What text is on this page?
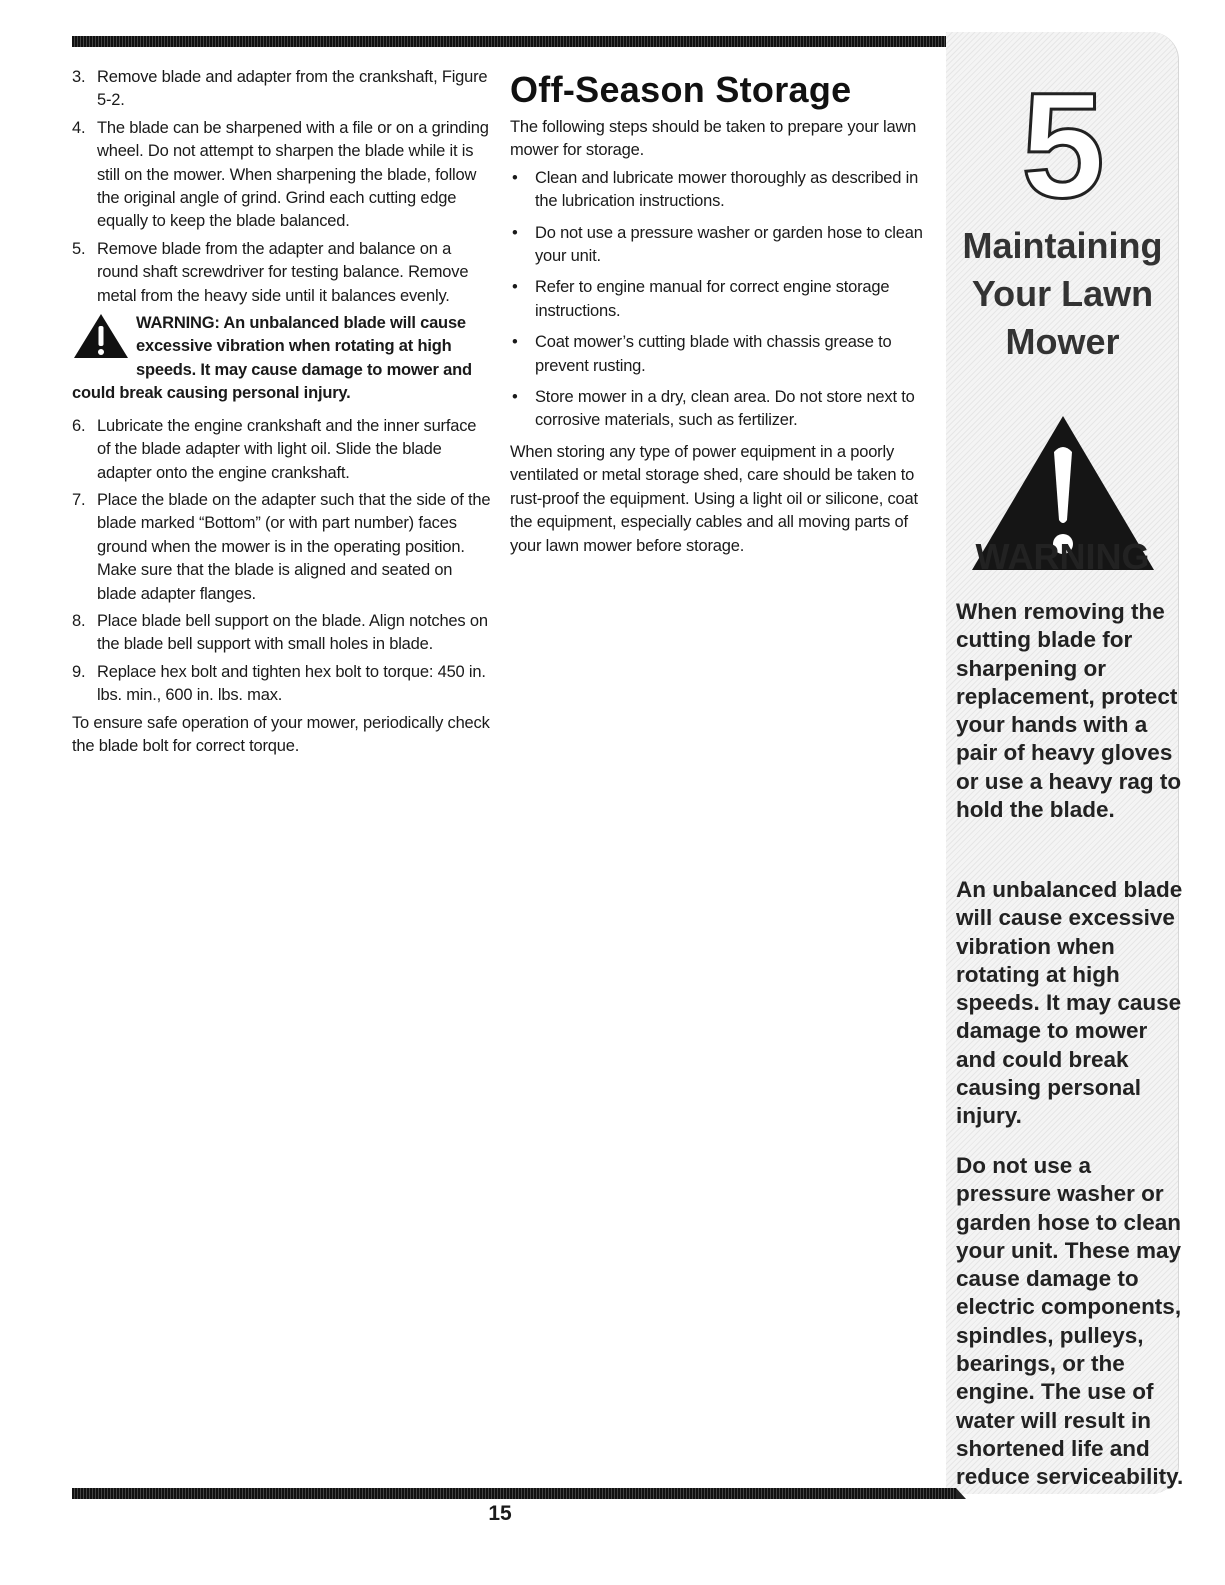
3. Remove blade and adapter from the crankshaft, Figure 5-2.
4. The blade can be sharpened with a file or on a grinding wheel. Do not attempt to sharpen the blade while it is still on the mower. When sharpening the blade, follow the original angle of grind. Grind each cutting edge equally to keep the blade balanced.
5. Remove blade from the adapter and balance on a round shaft screwdriver for testing balance. Remove metal from the heavy side until it balances evenly.
WARNING: An unbalanced blade will cause excessive vibration when rotating at high speeds. It may cause damage to mower and could break causing personal injury.
6. Lubricate the engine crankshaft and the inner surface of the blade adapter with light oil. Slide the blade adapter onto the engine crankshaft.
7. Place the blade on the adapter such that the side of the blade marked “Bottom” (or with part number) faces ground when the mower is in the operating position. Make sure that the blade is aligned and seated on blade adapter flanges.
8. Place blade bell support on the blade. Align notches on the blade bell support with small holes in blade.
9. Replace hex bolt and tighten hex bolt to torque: 450 in. lbs. min., 600 in. lbs. max.

To ensure safe operation of your mower, periodically check the blade bolt for correct torque.

Off-Season Storage

The following steps should be taken to prepare your lawn mower for storage.

• Clean and lubricate mower thoroughly as described in the lubrication instructions.
• Do not use a pressure washer or garden hose to clean your unit.
• Refer to engine manual for correct engine storage instructions.
• Coat mower’s cutting blade with chassis grease to prevent rusting.
• Store mower in a dry, clean area. Do not store next to corrosive materials, such as fertilizer.

When storing any type of power equipment in a poorly ventilated or metal storage shed, care should be taken to rust-proof the equipment. Using a light oil or silicone, coat the equipment, especially cables and all moving parts of your lawn mower before storage.

5
Maintaining
Your Lawn
Mower
WARNING
When removing the cutting blade for sharpening or replacement, protect your hands with a pair of heavy gloves or use a heavy rag to hold the blade.
An unbalanced blade will cause excessive vibration when rotating at high speeds. It may cause damage to mower and could break causing personal injury.
Do not use a pressure washer or garden hose to clean your unit. These may cause damage to electric components, spindles, pulleys, bearings, or the engine. The use of water will result in shortened life and reduce serviceability.
15
